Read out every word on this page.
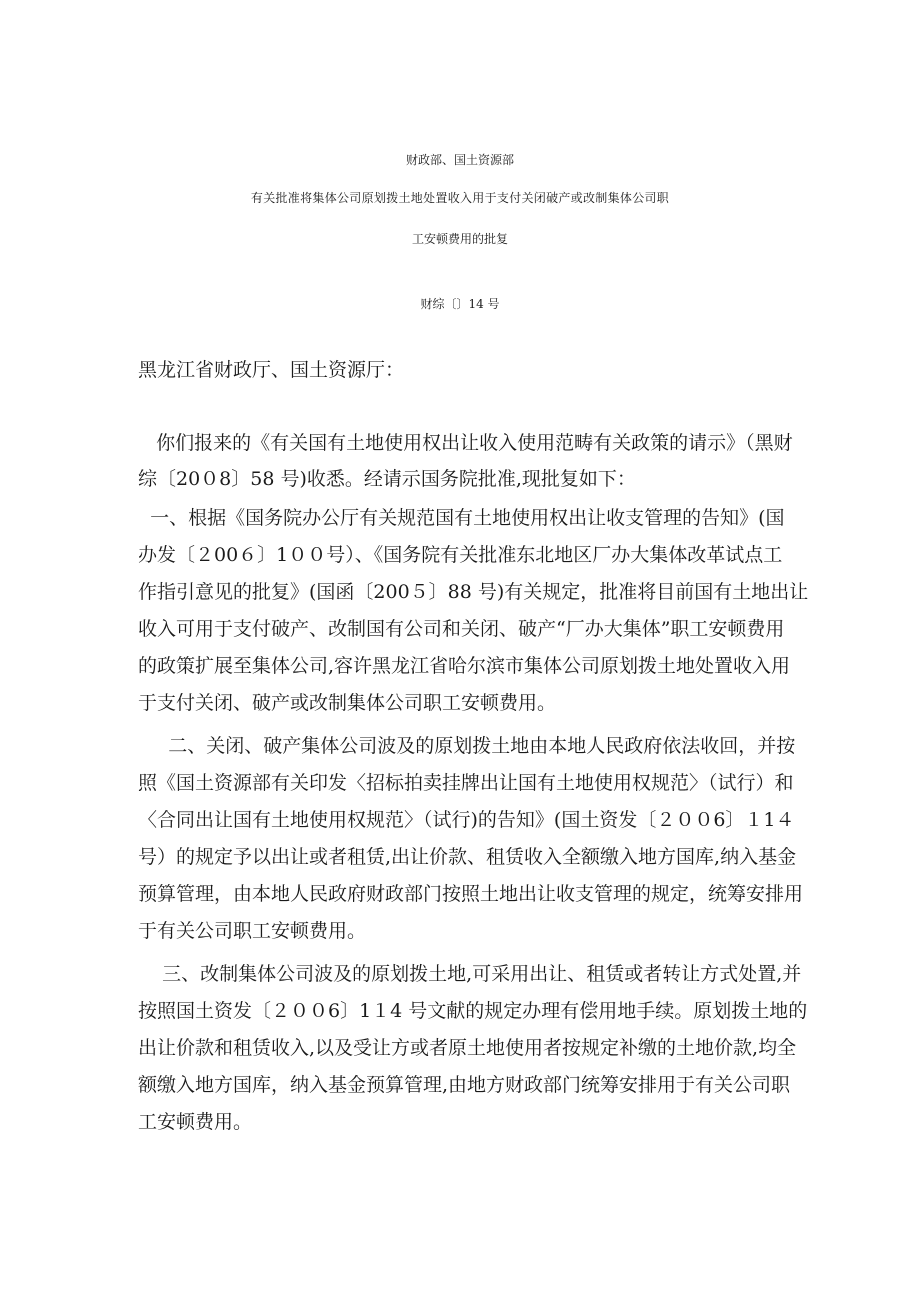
财政部、国土资源部
有关批准将集体公司原划拨土地处置收入用于支付关闭破产或改制集体公司职
工安顿费用的批复
财综〔〕14 号
黑龙江省财政厅、国土资源厅：
你们报来的《有关国有土地使用权出让收入使用范畴有关政策的请示》（黑财
综〔20０8〕58 号)收悉。经请示国务院批准,现批复如下：
一、根据《国务院办公厅有关规范国有土地使用权出让收支管理的告知》(国
办发〔２00６〕1００号）、《国务院有关批准东北地区厂办大集体改革试点工
作指引意见的批复》(国函〔200５〕88 号)有关规定，批准将目前国有土地出让
收入可用于支付破产、改制国有公司和关闭、破产“厂办大集体”职工安顿费用
的政策扩展至集体公司,容许黑龙江省哈尔滨市集体公司原划拨土地处置收入用
于支付关闭、破产或改制集体公司职工安顿费用。
二、关闭、破产集体公司波及的原划拨土地由本地人民政府依法收回，并按
照《国土资源部有关印发〈招标拍卖挂牌出让国有土地使用权规范〉（试行）和
〈合同出让国有土地使用权规范〉（试行)的告知》(国土资发〔２００6〕１1４
号）的规定予以出让或者租赁,出让价款、租赁收入全额缴入地方国库,纳入基金
预算管理，由本地人民政府财政部门按照土地出让收支管理的规定，统筹安排用
于有关公司职工安顿费用。
三、改制集体公司波及的原划拨土地,可采用出让、租赁或者转让方式处置,并
按照国土资发〔２００6〕1１4 号文献的规定办理有偿用地手续。原划拨土地的
出让价款和租赁收入,以及受让方或者原土地使用者按规定补缴的土地价款,均全
额缴入地方国库，纳入基金预算管理,由地方财政部门统筹安排用于有关公司职
工安顿费用。
